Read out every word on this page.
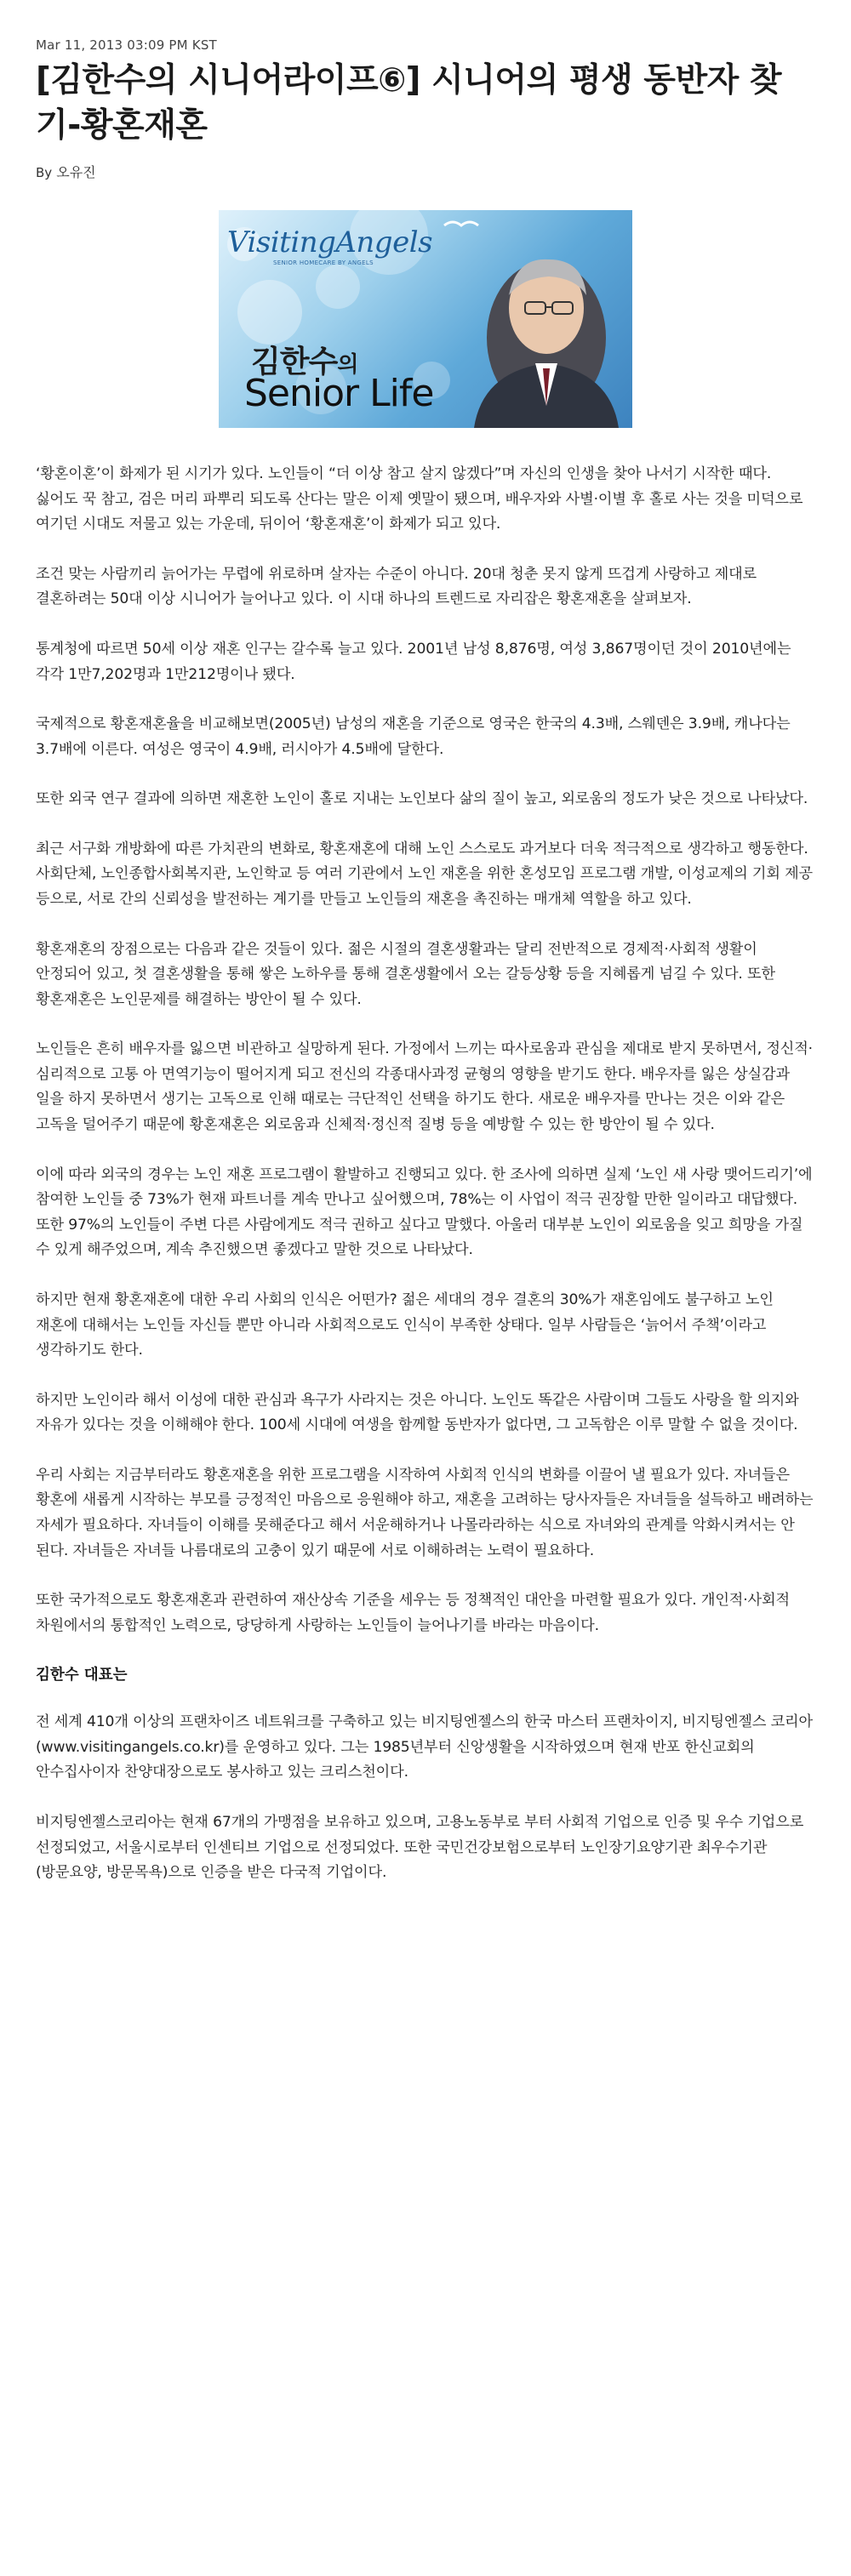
Mar 11, 2013 03:09 PM KST
[김한수의 시니어라이프⑥] 시니어의 평생 동반자 찾기-황혼재혼
By 오유진
VisitingAngels
SENIOR HOMECARE BY ANGELS
김한수의
Senior Life

‘황혼이혼’이 화제가 된 시기가 있다. 노인들이 “더 이상 참고 살지 않겠다”며 자신의 인생을 찾아 나서기 시작한 때다. 싫어도 꾹 참고, 검은 머리 파뿌리 되도록 산다는 말은 이제 옛말이 됐으며, 배우자와 사별·이별 후 홀로 사는 것을 미덕으로 여기던 시대도 저물고 있는 가운데, 뒤이어 ‘황혼재혼’이 화제가 되고 있다.

조건 맞는 사람끼리 늙어가는 무렵에 위로하며 살자는 수준이 아니다. 20대 청춘 못지 않게 뜨겁게 사랑하고 제대로 결혼하려는 50대 이상 시니어가 늘어나고 있다. 이 시대 하나의 트렌드로 자리잡은 황혼재혼을 살펴보자.

통계청에 따르면 50세 이상 재혼 인구는 갈수록 늘고 있다. 2001년 남성 8,876명, 여성 3,867명이던 것이 2010년에는 각각 1만7,202명과 1만212명이나 됐다.

국제적으로 황혼재혼율을 비교해보면(2005년) 남성의 재혼을 기준으로 영국은 한국의 4.3배, 스웨덴은 3.9배, 캐나다는 3.7배에 이른다. 여성은 영국이 4.9배, 러시아가 4.5배에 달한다.

또한 외국 연구 결과에 의하면 재혼한 노인이 홀로 지내는 노인보다 삶의 질이 높고, 외로움의 정도가 낮은 것으로 나타났다.

최근 서구화 개방화에 따른 가치관의 변화로, 황혼재혼에 대해 노인 스스로도 과거보다 더욱 적극적으로 생각하고 행동한다. 사회단체, 노인종합사회복지관, 노인학교 등 여러 기관에서 노인 재혼을 위한 혼성모임 프로그램 개발, 이성교제의 기회 제공 등으로, 서로 간의 신뢰성을 발전하는 계기를 만들고 노인들의 재혼을 촉진하는 매개체 역할을 하고 있다.

황혼재혼의 장점으로는 다음과 같은 것들이 있다. 젊은 시절의 결혼생활과는 달리 전반적으로 경제적·사회적 생활이 안정되어 있고, 첫 결혼생활을 통해 쌓은 노하우를 통해 결혼생활에서 오는 갈등상황 등을 지혜롭게 넘길 수 있다. 또한 황혼재혼은 노인문제를 해결하는 방안이 될 수 있다.

노인들은 흔히 배우자를 잃으면 비관하고 실망하게 된다. 가정에서 느끼는 따사로움과 관심을 제대로 받지 못하면서, 정신적·심리적으로 고통 아 면역기능이 떨어지게 되고 전신의 각종대사과정 균형의 영향을 받기도 한다. 배우자를 잃은 상실감과 일을 하지 못하면서 생기는 고독으로 인해 때로는 극단적인 선택을 하기도 한다. 새로운 배우자를 만나는 것은 이와 같은 고독을 덜어주기 때문에 황혼재혼은 외로움과 신체적·정신적 질병 등을 예방할 수 있는 한 방안이 될 수 있다.

이에 따라 외국의 경우는 노인 재혼 프로그램이 활발하고 진행되고 있다. 한 조사에 의하면 실제 ‘노인 새 사랑 맺어드리기’에 참여한 노인들 중 73%가 현재 파트너를 계속 만나고 싶어했으며, 78%는 이 사업이 적극 권장할 만한 일이라고 대답했다. 또한 97%의 노인들이 주변 다른 사람에게도 적극 권하고 싶다고 말했다. 아울러 대부분 노인이 외로움을 잊고 희망을 가질 수 있게 해주었으며, 계속 추진했으면 좋겠다고 말한 것으로 나타났다.

하지만 현재 황혼재혼에 대한 우리 사회의 인식은 어떤가? 젊은 세대의 경우 결혼의 30%가 재혼임에도 불구하고 노인 재혼에 대해서는 노인들 자신들 뿐만 아니라 사회적으로도 인식이 부족한 상태다. 일부 사람들은 ‘늙어서 주책’이라고 생각하기도 한다.

하지만 노인이라 해서 이성에 대한 관심과 욕구가 사라지는 것은 아니다. 노인도 똑같은 사람이며 그들도 사랑을 할 의지와 자유가 있다는 것을 이해해야 한다. 100세 시대에 여생을 함께할 동반자가 없다면, 그 고독함은 이루 말할 수 없을 것이다.

우리 사회는 지금부터라도 황혼재혼을 위한 프로그램을 시작하여 사회적 인식의 변화를 이끌어 낼 필요가 있다. 자녀들은 황혼에 새롭게 시작하는 부모를 긍정적인 마음으로 응원해야 하고, 재혼을 고려하는 당사자들은 자녀들을 설득하고 배려하는 자세가 필요하다. 자녀들이 이해를 못해준다고 해서 서운해하거나 나몰라라하는 식으로 자녀와의 관계를 악화시켜서는 안 된다. 자녀들은 자녀들 나름대로의 고충이 있기 때문에 서로 이해하려는 노력이 필요하다.

또한 국가적으로도 황혼재혼과 관련하여 재산상속 기준을 세우는 등 정책적인 대안을 마련할 필요가 있다. 개인적·사회적 차원에서의 통합적인 노력으로, 당당하게 사랑하는 노인들이 늘어나기를 바라는 마음이다.

김한수 대표는

전 세계 410개 이상의 프랜차이즈 네트워크를 구축하고 있는 비지팅엔젤스의 한국 마스터 프랜차이지, 비지팅엔젤스 코리아(www.visitingangels.co.kr)를 운영하고 있다. 그는 1985년부터 신앙생활을 시작하였으며 현재 반포 한신교회의 안수집사이자 찬양대장으로도 봉사하고 있는 크리스천이다.

비지팅엔젤스코리아는 현재 67개의 가맹점을 보유하고 있으며, 고용노동부로 부터 사회적 기업으로 인증 및 우수 기업으로 선정되었고, 서울시로부터 인센티브 기업으로 선정되었다. 또한 국민건강보험으로부터 노인장기요양기관 최우수기관(방문요양, 방문목욕)으로 인증을 받은 다국적 기업이다.
